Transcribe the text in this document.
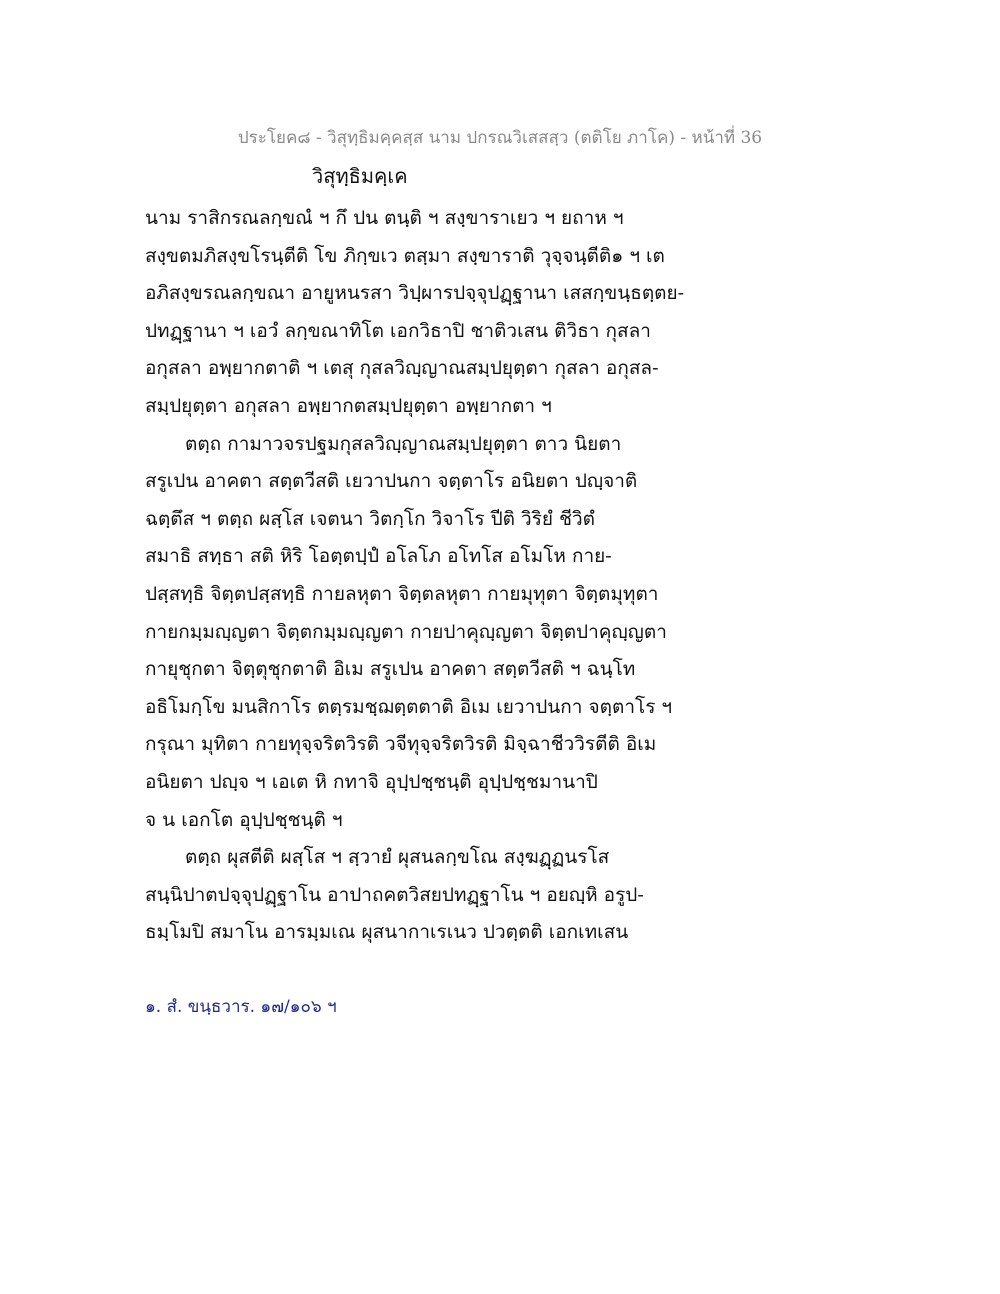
ประโยค๘ - วิสุทฺธิมคฺคสฺส นาม ปกรณวิเสสสฺว (ตติโย ภาโค) - หน้าที่ 36
วิสุทฺธิมคฺเค
นาม ราสิกรณลกฺขณํ ฯ กึ ปน ตนฺติ ฯ สงฺขาราเยว ฯ ยถาห ฯ
สงฺขตมภิสงฺขโรนฺตีติ โข ภิกฺขเว ตสฺมา สงฺขาราติ วุจฺจนฺตีติ๑ ฯ เต
อภิสงฺขรณลกฺขณา อายูหนรสา วิปฺผารปจฺจุปฏฺฐานา เสสกฺขนฺธตฺตย-
ปทฏฺฐานา ฯ เอวํ ลกฺขณาทิโต เอกวิธาปิ ชาติวเสน ติวิธา กุสลา
อกุสลา อพฺยากตาติ ฯ เตสุ กุสลวิญฺญาณสมฺปยุตฺตา กุสลา อกุสล-
สมฺปยุตฺตา อกุสลา อพฺยากตสมฺปยุตฺตา อพฺยากตา ฯ
ตตฺถ กามาวจรปฐมกุสลวิญฺญาณสมฺปยุตฺตา ตาว นิยตา
สรูเปน อาคตา สตฺตวีสติ เยวาปนกา จตฺตาโร อนิยตา ปญฺจาติ
ฉตฺตึส ฯ ตตฺถ ผสฺโส เจตนา วิตกฺโก วิจาโร ปีติ วิริยํ ชีวิตํ
สมาธิ สทฺธา สติ หิริ โอตฺตปฺปํ อโลโภ อโทโส อโมโห กาย-
ปสฺสทฺธิ จิตฺตปสฺสทฺธิ กายลหุตา จิตฺตลหุตา กายมุทุตา จิตฺตมุทุตา
กายกมฺมญฺญตา จิตฺตกมฺมญฺญตา กายปาคุญฺญตา จิตฺตปาคุญฺญตา
กายุชุกตา จิตฺตุชุกตาติ อิเม สรูเปน อาคตา สตฺตวีสติ ฯ ฉนฺโท
อธิโมกฺโข มนสิกาโร ตตฺรมชฺฌตฺตตาติ อิเม เยวาปนกา จตฺตาโร ฯ
กรุณา มุทิตา กายทุจฺจริตวิรติ วจีทุจฺจริตวิรติ มิจฺฉาชีววิรตีติ อิเม
อนิยตา ปญฺจ ฯ เอเต หิ กทาจิ อุปฺปชฺชนฺติ อุปฺปชฺชมานาปิ
จ น เอกโต อุปฺปชฺชนฺติ ฯ
ตตฺถ ผุสตีติ ผสฺโส ฯ สฺวายํ ผุสนลกฺขโณ สงฺฆฏฺฏนรโส
สนฺนิปาตปจฺจุปฏฺฐาโน อาปาถคตวิสยปทฏฺฐาโน ฯ อยญฺหิ อรูป-
ธมฺโมปิ สมาโน อารมฺมเณ ผุสนากาเรเนว ปวตฺตติ เอกเทเสน
๑. สํ. ขนฺธวาร. ๑๗/๑๐๖ ฯ
